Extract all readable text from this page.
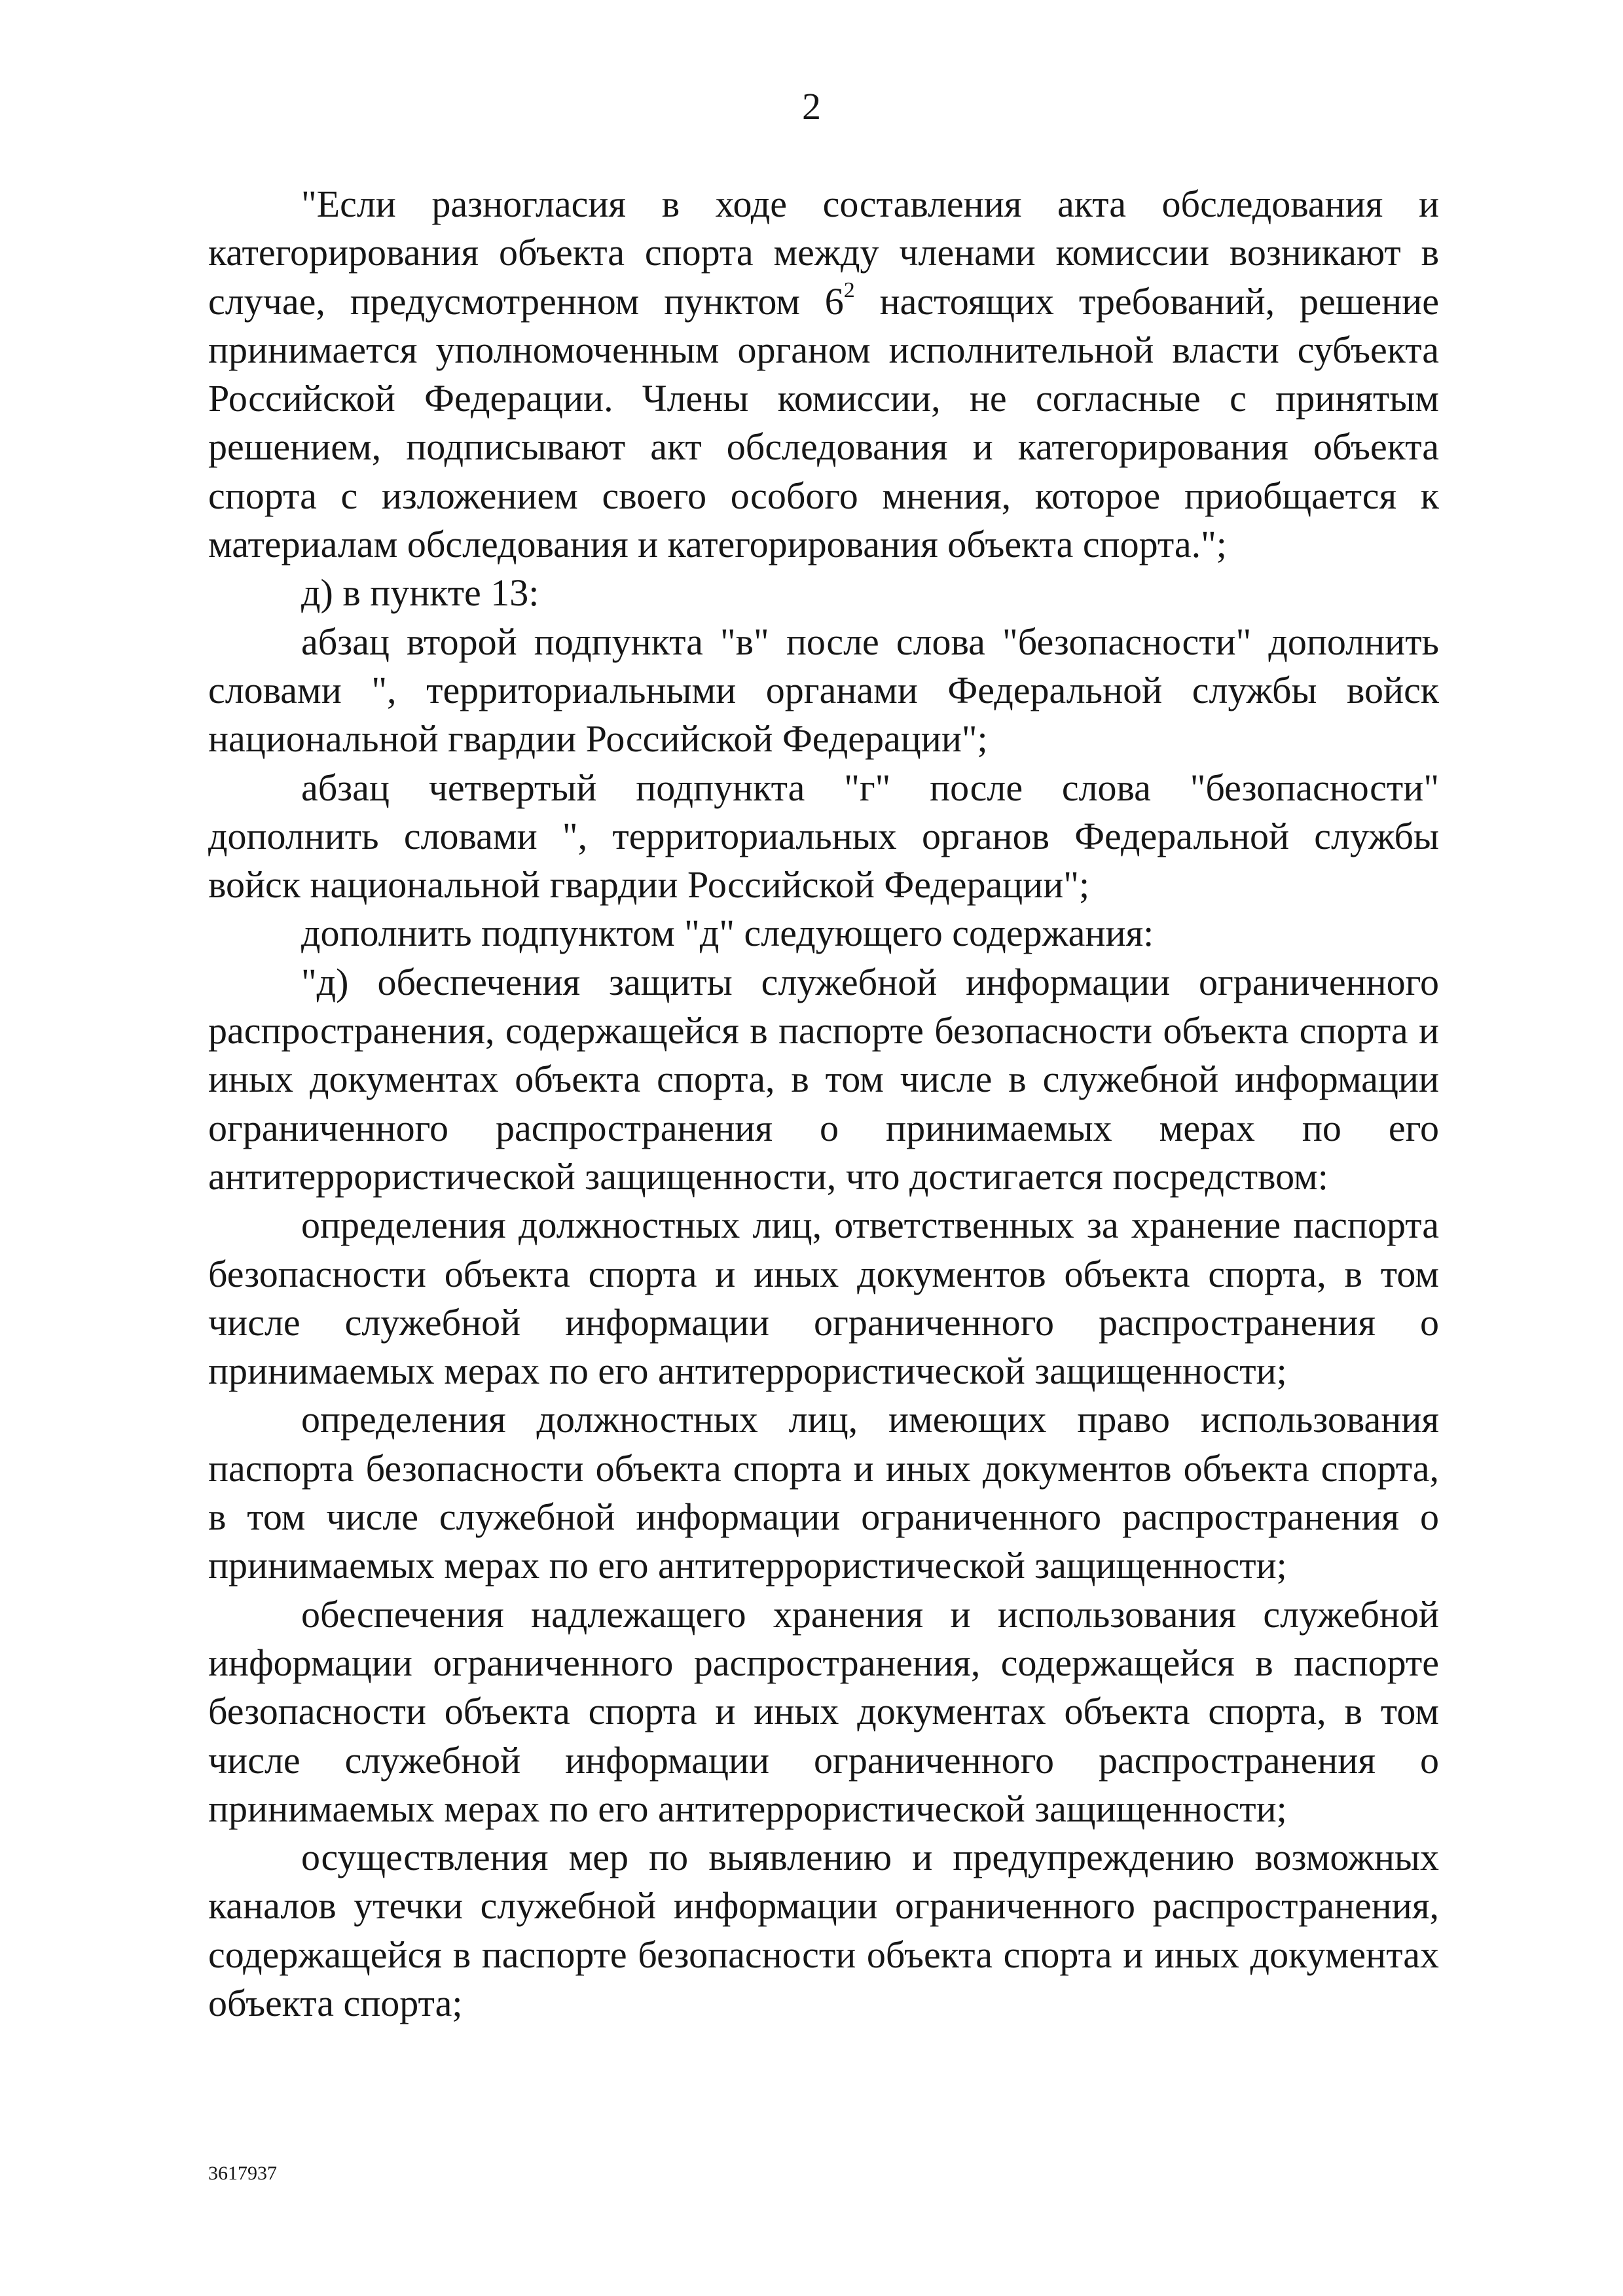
2

"Если разногласия в ходе составления акта обследования и категорирования объекта спорта между членами комиссии возникают в случае, предусмотренном пунктом $6^2$ настоящих требований, решение принимается уполномоченным органом исполнительной власти субъекта Российской Федерации. Члены комиссии, не согласные с принятым решением, подписывают акт обследования и категорирования объекта спорта с изложением своего особого мнения, которое приобщается к материалам обследования и категорирования объекта спорта.";

д) в пункте 13:

абзац второй подпункта "в" после слова "безопасности" дополнить словами ", территориальными органами Федеральной службы войск национальной гвардии Российской Федерации";

абзац четвертый подпункта "г" после слова "безопасности" дополнить словами ", территориальных органов Федеральной службы войск национальной гвардии Российской Федерации";

дополнить подпунктом "д" следующего содержания:

"д) обеспечения защиты служебной информации ограниченного распространения, содержащейся в паспорте безопасности объекта спорта и иных документах объекта спорта, в том числе в служебной информации ограниченного распространения о принимаемых мерах по его антитеррористической защищенности, что достигается посредством:

определения должностных лиц, ответственных за хранение паспорта безопасности объекта спорта и иных документов объекта спорта, в том числе служебной информации ограниченного распространения о принимаемых мерах по его антитеррористической защищенности;

определения должностных лиц, имеющих право использования паспорта безопасности объекта спорта и иных документов объекта спорта, в том числе служебной информации ограниченного распространения о принимаемых мерах по его антитеррористической защищенности;

обеспечения надлежащего хранения и использования служебной информации ограниченного распространения, содержащейся в паспорте безопасности объекта спорта и иных документах объекта спорта, в том числе служебной информации ограниченного распространения о принимаемых мерах по его антитеррористической защищенности;

осуществления мер по выявлению и предупреждению возможных каналов утечки служебной информации ограниченного распространения, содержащейся в паспорте безопасности объекта спорта и иных документах объекта спорта;

3617937
